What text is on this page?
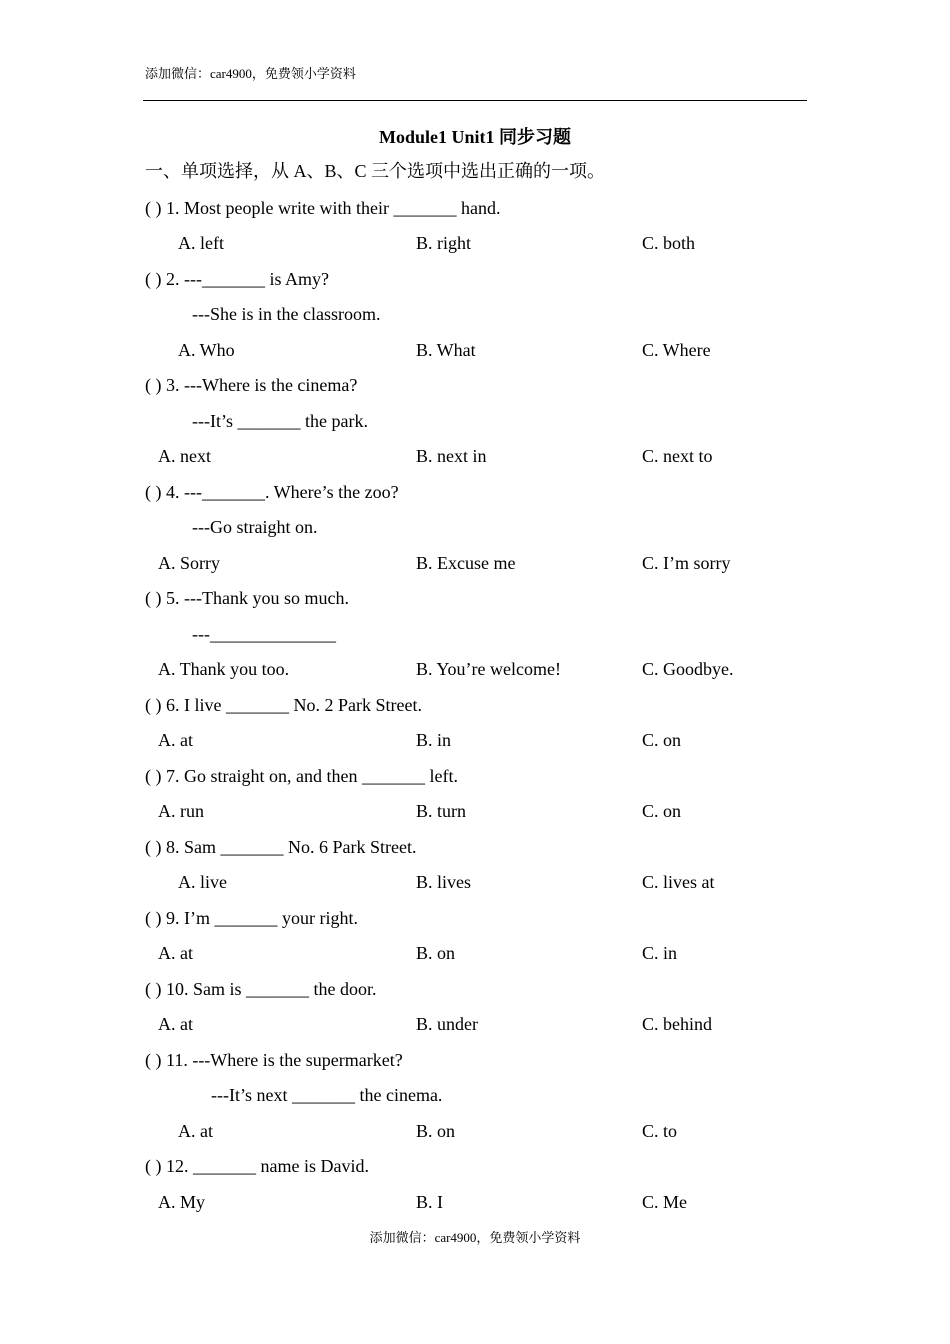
添加微信：car4900，免费领小学资料
Module1 Unit1 同步习题
一、单项选择，从 A、B、C 三个选项中选出正确的一项。
( ) 1. Most people write with their _______ hand.
A. left	B. right	C. both
( ) 2. ---_______ is Amy?
---She is in the classroom.
A. Who	B. What	C. Where
( ) 3. ---Where is the cinema?
---It’s _______ the park.
A. next	B. next in	C. next to
( ) 4. ---_______. Where’s the zoo?
---Go straight on.
A. Sorry	B. Excuse me	C. I’m sorry
( ) 5. ---Thank you so much.
---______________
A. Thank you too.	B. You’re welcome!	C. Goodbye.
( ) 6. I live _______ No. 2 Park Street.
A. at	B. in	C. on
( ) 7. Go straight on, and then _______ left.
A. run	B. turn	C. on
( ) 8. Sam _______ No. 6 Park Street.
A. live	B. lives	C. lives at
( ) 9. I’m _______ your right.
A. at	B. on	C. in
( ) 10. Sam is _______ the door.
A. at	B. under	C. behind
( ) 11. ---Where is the supermarket?
---It’s next _______ the cinema.
A. at	B. on	C. to
( ) 12. _______ name is David.
A. My	B. I	C. Me
添加微信：car4900，免费领小学资料
